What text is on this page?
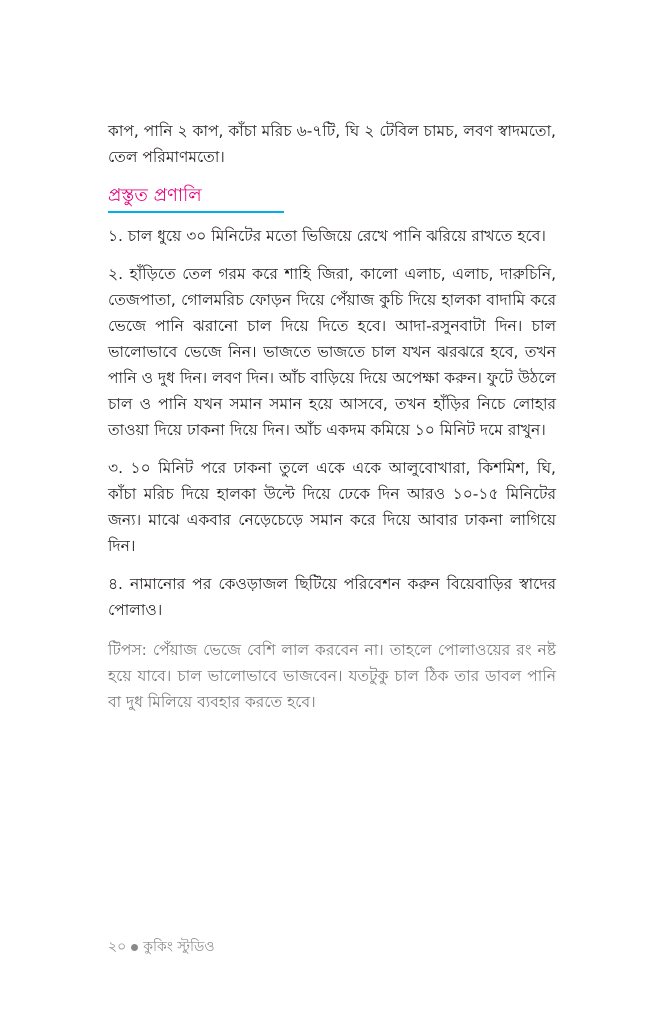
কাপ, পানি ২ কাপ, কাঁচা মরিচ ৬-৭টি, ঘি ২ টেবিল চামচ, লবণ স্বাদমতো, তেল পরিমাণমতো।

প্রস্তুত প্রণালি

১. চাল ধুয়ে ৩০ মিনিটের মতো ভিজিয়ে রেখে পানি ঝরিয়ে রাখতে হবে।

২. হাঁড়িতে তেল গরম করে শাহি জিরা, কালো এলাচ, এলাচ, দারুচিনি, তেজপাতা, গোলমরিচ ফোড়ন দিয়ে পেঁয়াজ কুচি দিয়ে হালকা বাদামি করে ভেজে পানি ঝরানো চাল দিয়ে দিতে হবে। আদা-রসুনবাটা দিন। চাল ভালোভাবে ভেজে নিন। ভাজতে ভাজতে চাল যখন ঝরঝরে হবে, তখন পানি ও দুধ দিন। লবণ দিন। আঁচ বাড়িয়ে দিয়ে অপেক্ষা করুন। ফুটে উঠলে চাল ও পানি যখন সমান সমান হয়ে আসবে, তখন হাঁড়ির নিচে লোহার তাওয়া দিয়ে ঢাকনা দিয়ে দিন। আঁচ একদম কমিয়ে ১০ মিনিট দমে রাখুন।

৩. ১০ মিনিট পরে ঢাকনা তুলে একে একে আলুবোখারা, কিশমিশ, ঘি, কাঁচা মরিচ দিয়ে হালকা উল্টে দিয়ে ঢেকে দিন আরও ১০-১৫ মিনিটের জন্য। মাঝে একবার নেড়েচেড়ে সমান করে দিয়ে আবার ঢাকনা লাগিয়ে দিন।

৪. নামানোর পর কেওড়াজল ছিটিয়ে পরিবেশন করুন বিয়েবাড়ির স্বাদের পোলাও।

টিপস: পেঁয়াজ ভেজে বেশি লাল করবেন না। তাহলে পোলাওয়ের রং নষ্ট হয়ে যাবে। চাল ভালোভাবে ভাজবেন। যতটুকু চাল ঠিক তার ডাবল পানি বা দুধ মিলিয়ে ব্যবহার করতে হবে।

২০ কুকিং স্টুডিও
